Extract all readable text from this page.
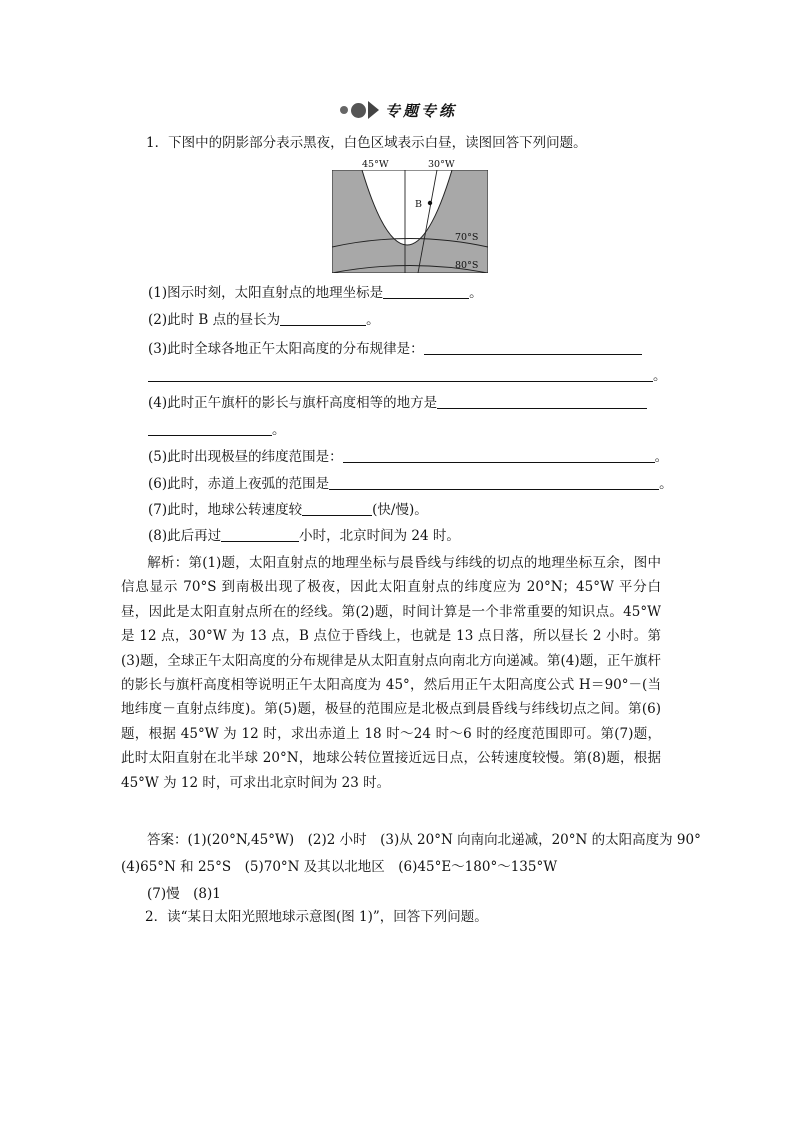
专题专练
1．下图中的阴影部分表示黑夜，白色区域表示白昼，读图回答下列问题。
45°W	30°W
B
70°S
80°S
(1)图示时刻，太阳直射点的地理坐标是	。
(2)此时 B 点的昼长为	。
(3)此时全球各地正午太阳高度的分布规律是：
。
(4)此时正午旗杆的影长与旗杆高度相等的地方是
。
(5)此时出现极昼的纬度范围是：	。
(6)此时，赤道上夜弧的范围是	。
(7)此时，地球公转速度较	(快/慢)。
(8)此后再过	小时，北京时间为 24 时。
解析：第(1)题，太阳直射点的地理坐标与晨昏线与纬线的切点的地理坐标互余，图中信息显示 70°S 到南极出现了极夜，因此太阳直射点的纬度应为 20°N；45°W 平分白昼，因此是太阳直射点所在的经线。第(2)题，时间计算是一个非常重要的知识点。45°W 是 12 点，30°W 为 13 点，B 点位于昏线上，也就是 13 点日落，所以昼长 2 小时。第(3)题，全球正午太阳高度的分布规律是从太阳直射点向南北方向递减。第(4)题，正午旗杆的影长与旗杆高度相等说明正午太阳高度为 45°，然后用正午太阳高度公式 H＝90°－(当地纬度－直射点纬度)。第(5)题，极昼的范围应是北极点到晨昏线与纬线切点之间。第(6)题，根据 45°W 为 12 时，求出赤道上 18 时～24 时～6 时的经度范围即可。第(7)题，此时太阳直射在北半球 20°N，地球公转位置接近远日点，公转速度较慢。第(8)题，根据 45°W 为 12 时，可求出北京时间为 23 时。
答案：(1)(20°N,45°W)　(2)2 小时　(3)从 20°N 向南向北递减，20°N 的太阳高度为 90°
(4)65°N 和 25°S　(5)70°N 及其以北地区　(6)45°E～180°～135°W
(7)慢　(8)1
2．读“某日太阳光照地球示意图(图 1)”，回答下列问题。
